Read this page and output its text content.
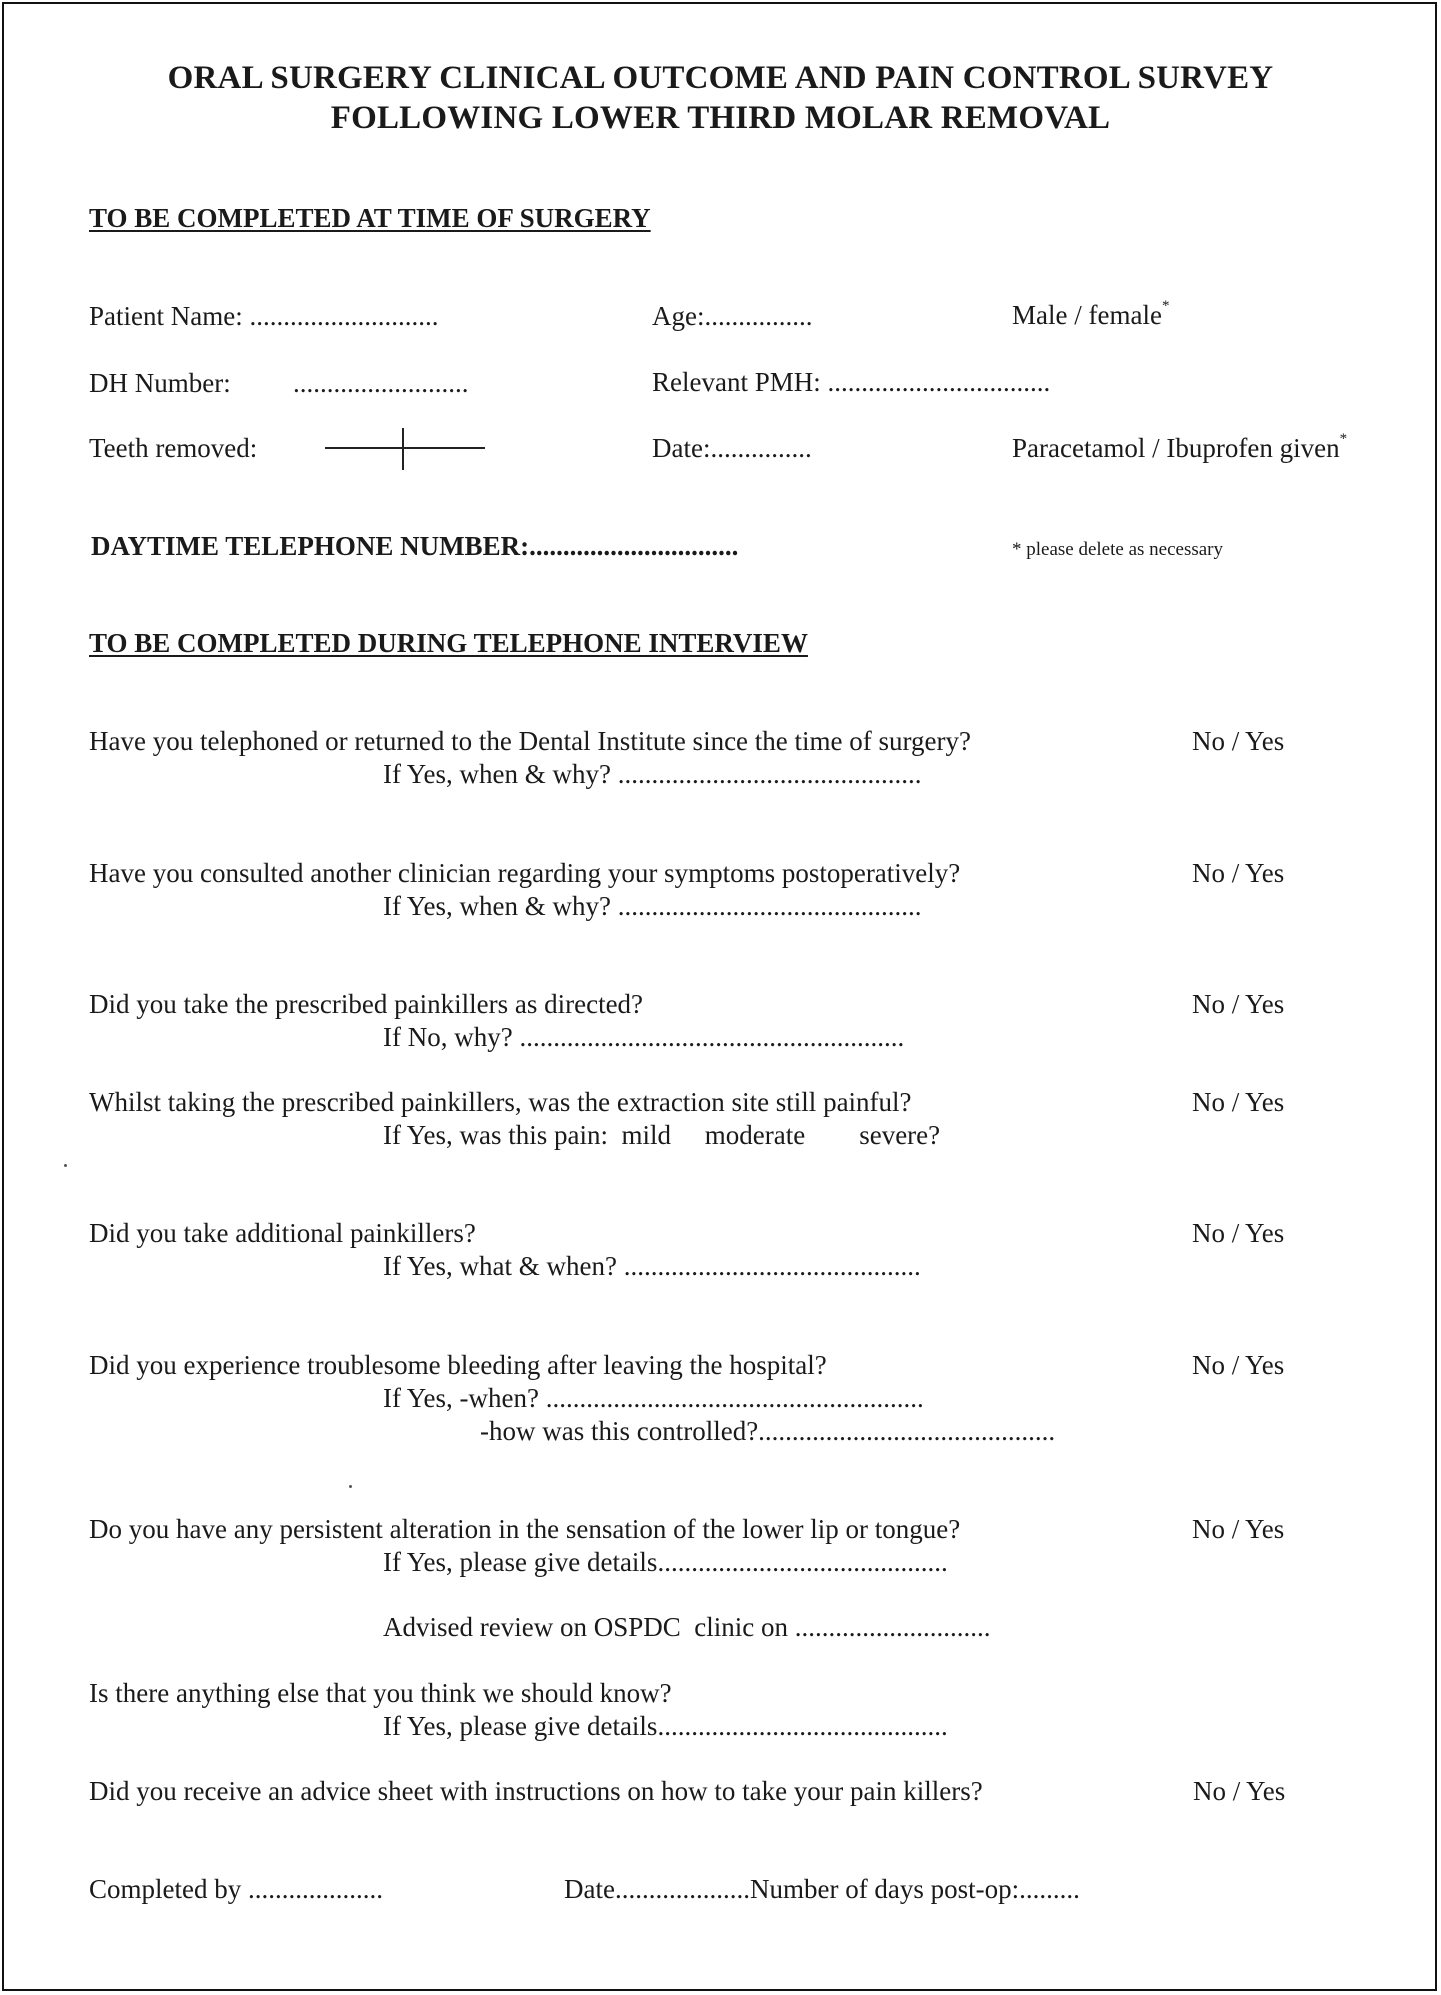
ORAL SURGERY CLINICAL OUTCOME AND PAIN CONTROL SURVEY
FOLLOWING LOWER THIRD MOLAR REMOVAL
TO BE COMPLETED AT TIME OF SURGERY
Patient Name: ............................	Age:................	Male / female*
DH Number: ..........................	Relevant PMH: .................................
Teeth removed:	Date:...............	Paracetamol / Ibuprofen given*
DAYTIME TELEPHONE NUMBER:...............................	* please delete as necessary
TO BE COMPLETED DURING TELEPHONE INTERVIEW
Have you telephoned or returned to the Dental Institute since the time of surgery?	No / Yes
If Yes, when & why? .............................................
Have you consulted another clinician regarding your symptoms postoperatively?	No / Yes
If Yes, when & why? .............................................
Did you take the prescribed painkillers as directed?	No / Yes
If No, why? .........................................................
Whilst taking the prescribed painkillers, was the extraction site still painful?	No / Yes
If Yes, was this pain:  mild     moderate        severe?
Did you take additional painkillers?	No / Yes
If Yes, what & when? ............................................
Did you experience troublesome bleeding after leaving the hospital?	No / Yes
If Yes, -when? ........................................................
-how was this controlled?............................................
Do you have any persistent alteration in the sensation of the lower lip or tongue?	No / Yes
If Yes, please give details...........................................
Advised review on OSPDC  clinic on .............................
Is there anything else that you think we should know?
If Yes, please give details...........................................
Did you receive an advice sheet with instructions on how to take your pain killers?	No / Yes
Completed by ....................	Date....................Number of days post-op:.........
